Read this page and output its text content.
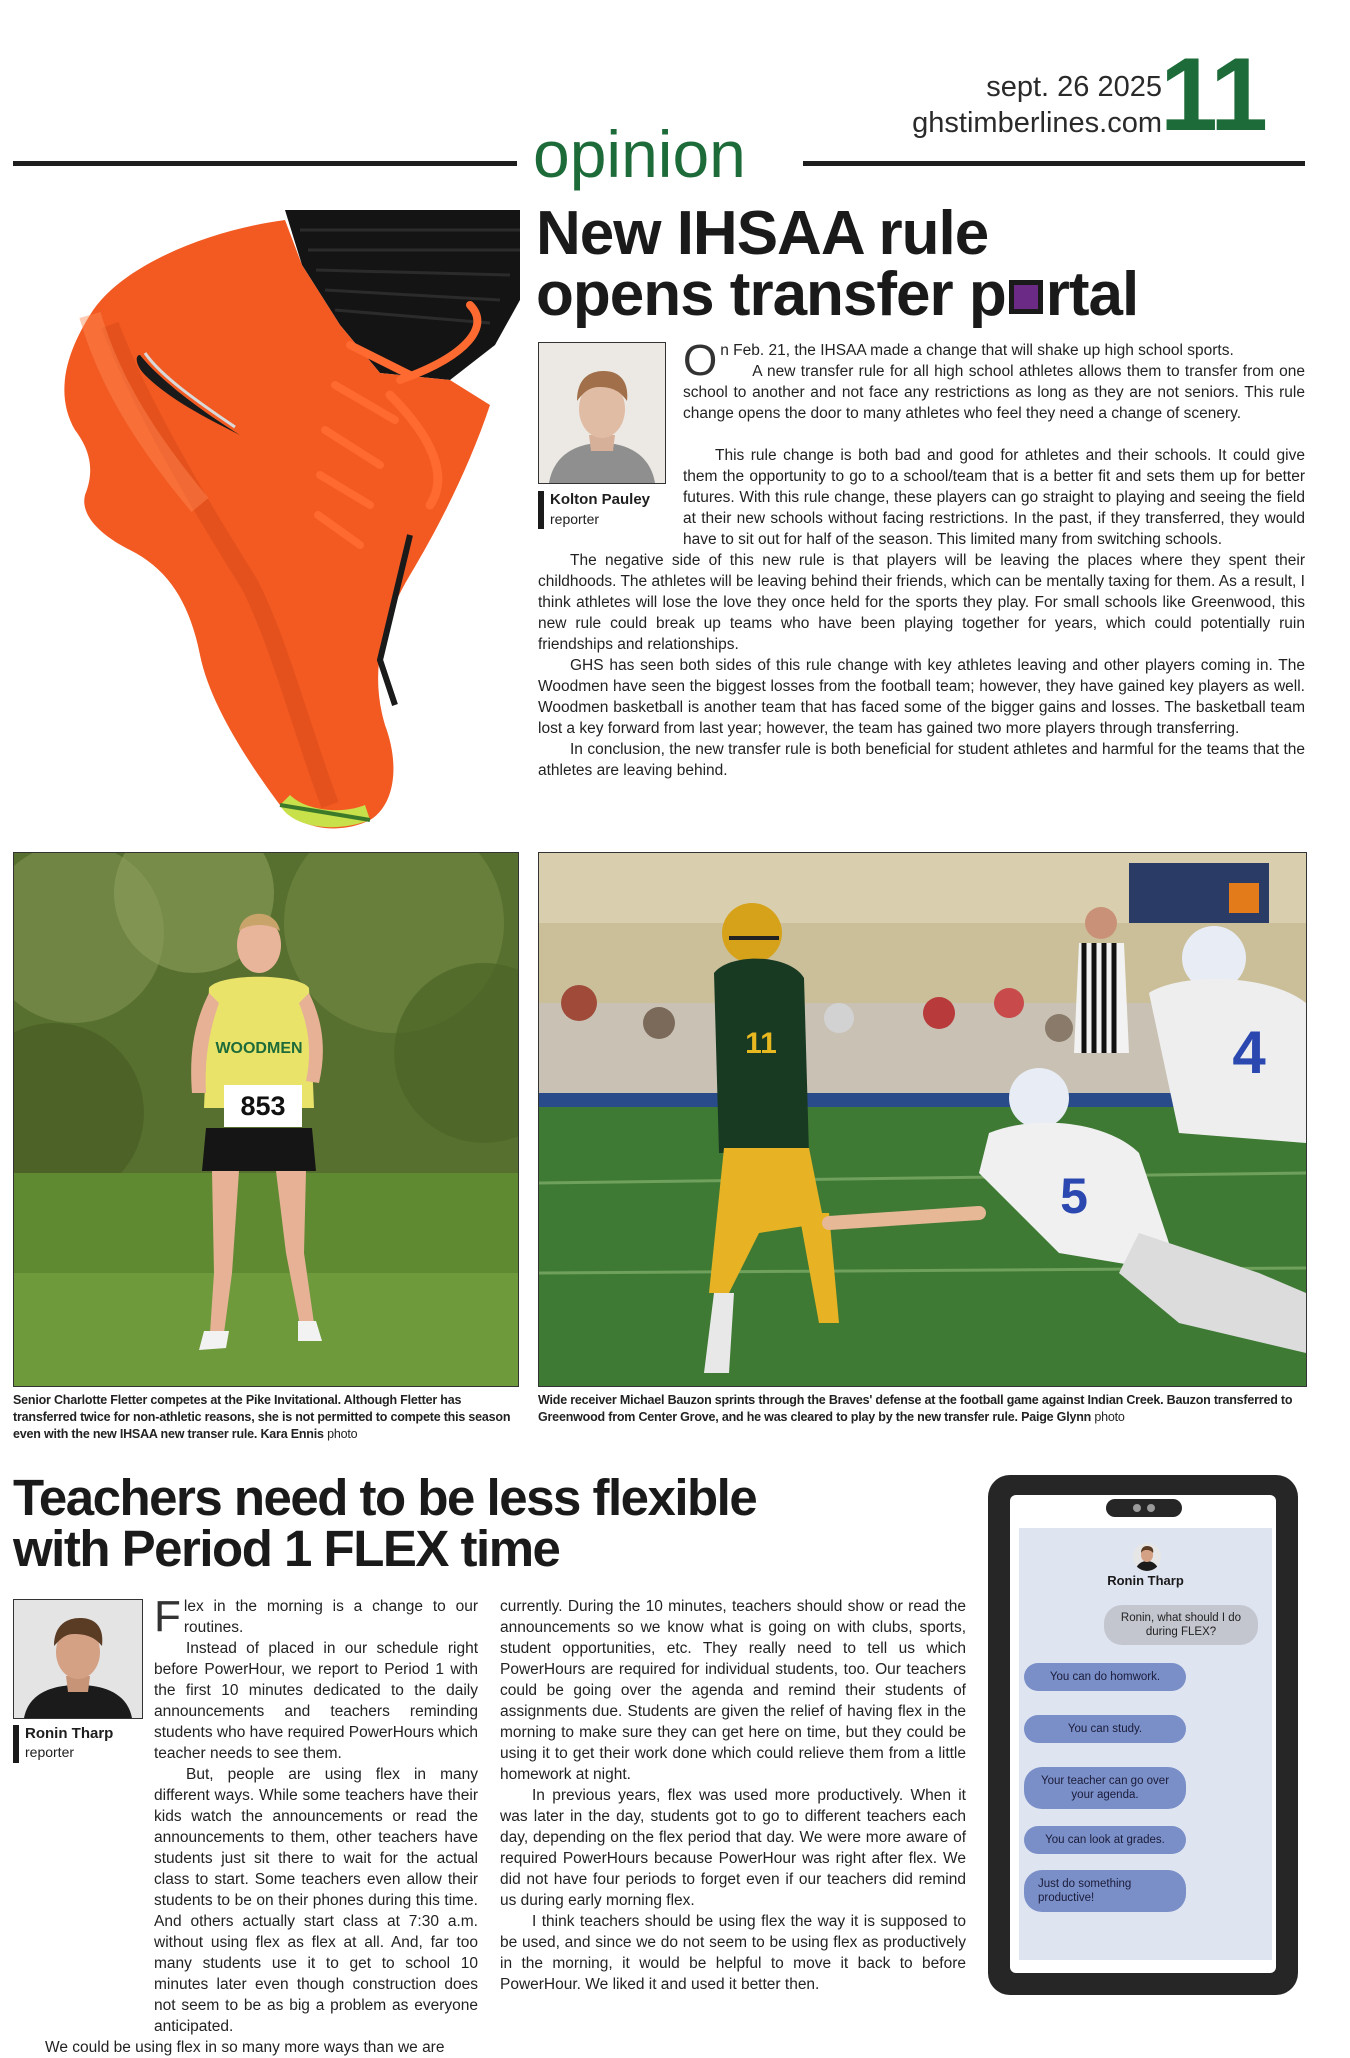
sept. 26 2025
ghstimberlines.com
11
opinion
New IHSAA rule
opens transfer p rtal
Kolton Pauley
reporter

On Feb. 21, the IHSAA made a change that will shake up high school sports.

A new transfer rule for all high school athletes allows them to transfer from one school to another and not face any restrictions as long as they are not seniors. This rule change opens the door to many athletes who feel they need a change of scenery.

This rule change is both bad and good for athletes and their schools. It could give them the opportunity to go to a school/team that is a better fit and sets them up for better futures. With this rule change, these players can go straight to playing and seeing the field at their new schools without facing restrictions. In the past, if they transferred, they would have to sit out for half of the season. This limited many from switching schools.

The negative side of this new rule is that players will be leaving the places where they spent their childhoods. The athletes will be leaving behind their friends, which can be mentally taxing for them. As a result, I think athletes will lose the love they once held for the sports they play. For small schools like Greenwood, this new rule could break up teams who have been playing together for years, which could potentially ruin friendships and relationships.

GHS has seen both sides of this rule change with key athletes leaving and other players coming in. The Woodmen have seen the biggest losses from the football team; however, they have gained key players as well. Woodmen basketball is another team that has faced some of the bigger gains and losses. The basketball team lost a key forward from last year; however, the team has gained two more players through transferring.

In conclusion, the new transfer rule is both beneficial for student athletes and harmful for the teams that the athletes are leaving behind.

853
WOODMEN	11	4
5
Senior Charlotte Fletter competes at the Pike Invitational. Although Fletter has transferred twice for non-athletic reasons, she is not permitted to compete this season even with the new IHSAA new transer rule. Kara Ennis photo
Wide receiver Michael Bauzon sprints through the Braves' defense at the football game against Indian Creek. Bauzon transferred to Greenwood from Center Grove, and he was cleared to play by the new transfer rule. Paige Glynn photo
Teachers need to be less flexible
with Period 1 FLEX time
Ronin Tharp
reporter

Flex in the morning is a change to our routines.

Instead of placed in our schedule right before PowerHour, we report to Period 1 with the first 10 minutes dedicated to the daily announcements and teachers reminding students who have required PowerHours which teacher needs to see them.

But, people are using flex in many different ways. While some teachers have their kids watch the announcements or read the announcements to them, other teachers have students just sit there to wait for the actual class to start. Some teachers even allow their students to be on their phones during this time. And others actually start class at 7:30 a.m. without using flex as flex at all. And, far too many students use it to get to school 10 minutes later even though construction does not seem to be as big a problem as everyone anticipated.

We could be using flex in so many more ways than we are

currently. During the 10 minutes, teachers should show or read the announcements so we know what is going on with clubs, sports, student opportunities, etc. They really need to tell us which PowerHours are required for individual students, too. Our teachers could be going over the agenda and remind their students of assignments due. Students are given the relief of having flex in the morning to make sure they can get here on time, but they could be using it to get their work done which could relieve them from a little homework at night.

In previous years, flex was used more productively. When it was later in the day, students got to go to different teachers each day, depending on the flex period that day. We were more aware of required PowerHours because PowerHour was right after flex. We did not have four periods to forget even if our teachers did remind us during early morning flex.

I think teachers should be using flex the way it is supposed to be used, and since we do not seem to be using flex as productively in the morning, it would be helpful to move it back to before PowerHour. We liked it and used it better then.

Ronin Tharp
Ronin, what should I do during FLEX?
You can do homwork.
You can study.
Your teacher can go over your agenda.
You can look at grades.
Just do something productive!
